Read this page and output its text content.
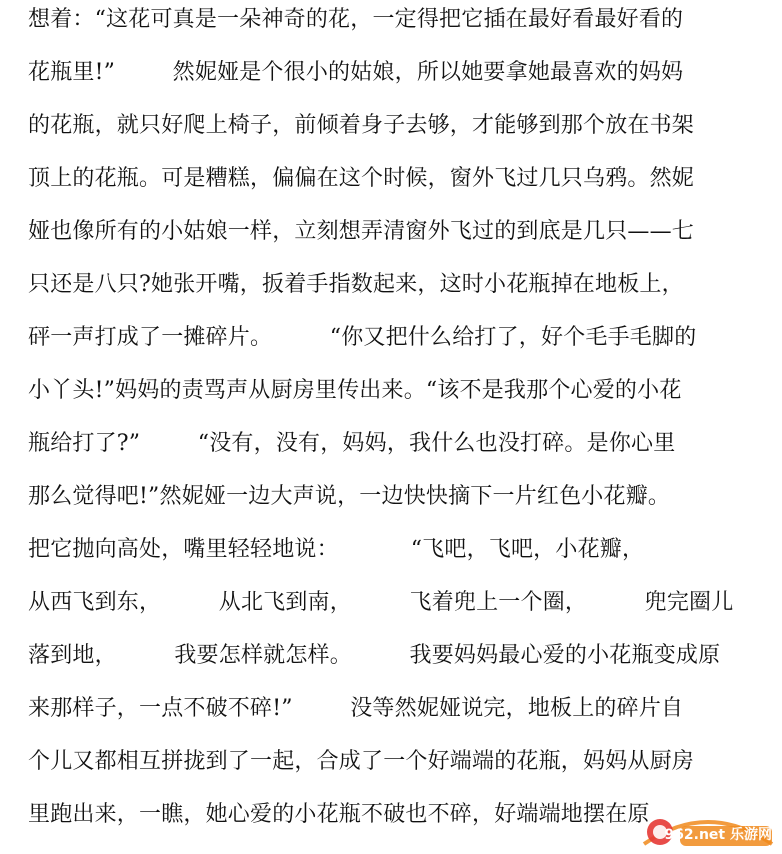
想着：“这花可真是一朵神奇的花，一定得把它插在最好看最好看的
花瓶里!”        然妮娅是个很小的姑娘，所以她要拿她最喜欢的妈妈
的花瓶，就只好爬上椅子，前倾着身子去够，才能够到那个放在书架
顶上的花瓶。可是糟糕，偏偏在这个时候，窗外飞过几只乌鸦。然妮
娅也像所有的小姑娘一样，立刻想弄清窗外飞过的到底是几只——七
只还是八只?她张开嘴，扳着手指数起来，这时小花瓶掉在地板上，
砰一声打成了一摊碎片。        “你又把什么给打了，好个毛手毛脚的
小丫头!”妈妈的责骂声从厨房里传出来。“该不是我那个心爱的小花
瓶给打了?”        “没有，没有，妈妈，我什么也没打碎。是你心里
那么觉得吧!”然妮娅一边大声说，一边快快摘下一片红色小花瓣。
把它抛向高处，嘴里轻轻地说：          “飞吧，飞吧，小花瓣，
从西飞到东，        从北飞到南，        飞着兜上一个圈，        兜完圈儿
落到地，        我要怎样就怎样。        我要妈妈最心爱的小花瓶变成原
来那样子，一点不破不碎!”        没等然妮娅说完，地板上的碎片自
个儿又都相互拼拢到了一起，合成了一个好端端的花瓶，妈妈从厨房
里跑出来，一瞧，她心爱的小花瓶不破也不碎，好端端地摆在原
962.net 乐游网
